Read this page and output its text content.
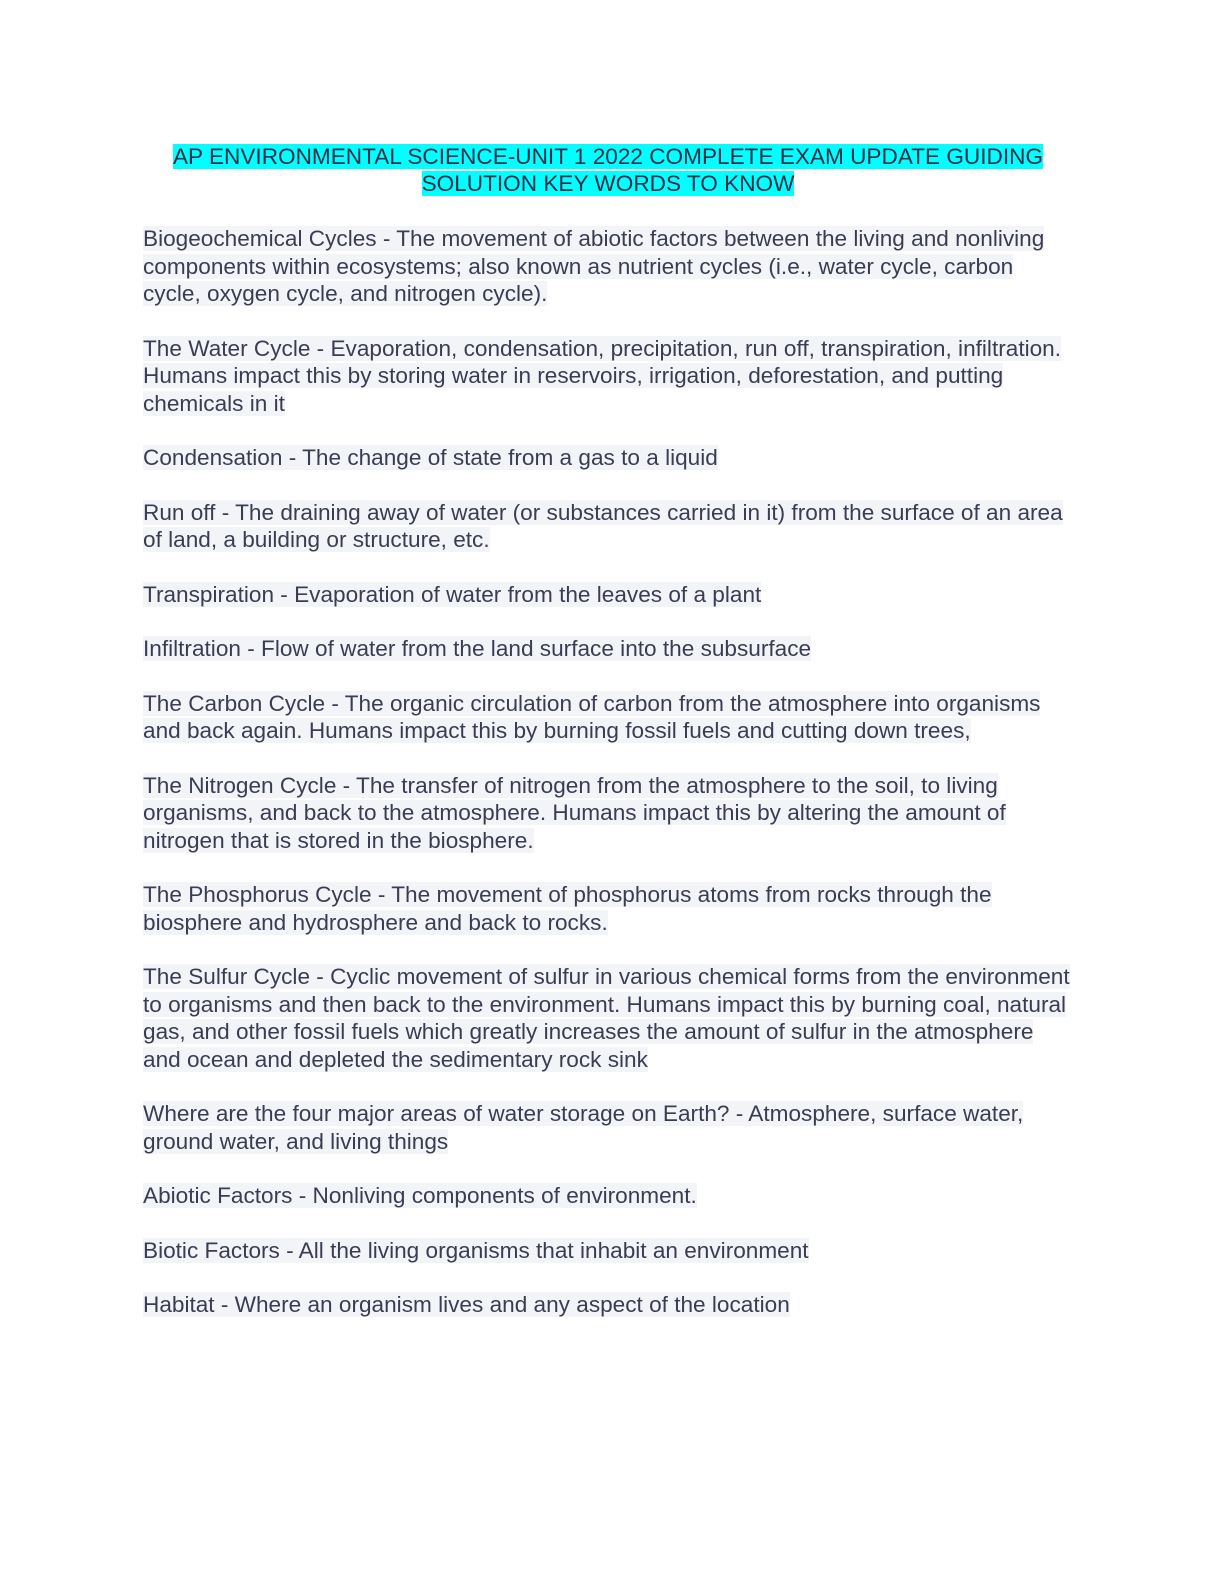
AP ENVIRONMENTAL SCIENCE-UNIT 1 2022 COMPLETE EXAM UPDATE GUIDING SOLUTION KEY WORDS TO KNOW

Biogeochemical Cycles - The movement of abiotic factors between the living and nonliving components within ecosystems; also known as nutrient cycles (i.e., water cycle, carbon cycle, oxygen cycle, and nitrogen cycle).

The Water Cycle - Evaporation, condensation, precipitation, run off, transpiration, infiltration. Humans impact this by storing water in reservoirs, irrigation, deforestation, and putting chemicals in it

Condensation - The change of state from a gas to a liquid

Run off - The draining away of water (or substances carried in it) from the surface of an area of land, a building or structure, etc.

Transpiration - Evaporation of water from the leaves of a plant

Infiltration - Flow of water from the land surface into the subsurface

The Carbon Cycle - The organic circulation of carbon from the atmosphere into organisms and back again. Humans impact this by burning fossil fuels and cutting down trees,

The Nitrogen Cycle - The transfer of nitrogen from the atmosphere to the soil, to living organisms, and back to the atmosphere. Humans impact this by altering the amount of nitrogen that is stored in the biosphere.

The Phosphorus Cycle - The movement of phosphorus atoms from rocks through the biosphere and hydrosphere and back to rocks.

The Sulfur Cycle - Cyclic movement of sulfur in various chemical forms from the environment to organisms and then back to the environment. Humans impact this by burning coal, natural gas, and other fossil fuels which greatly increases the amount of sulfur in the atmosphere and ocean and depleted the sedimentary rock sink

Where are the four major areas of water storage on Earth? - Atmosphere, surface water, ground water, and living things

Abiotic Factors - Nonliving components of environment.

Biotic Factors - All the living organisms that inhabit an environment

Habitat - Where an organism lives and any aspect of the location
